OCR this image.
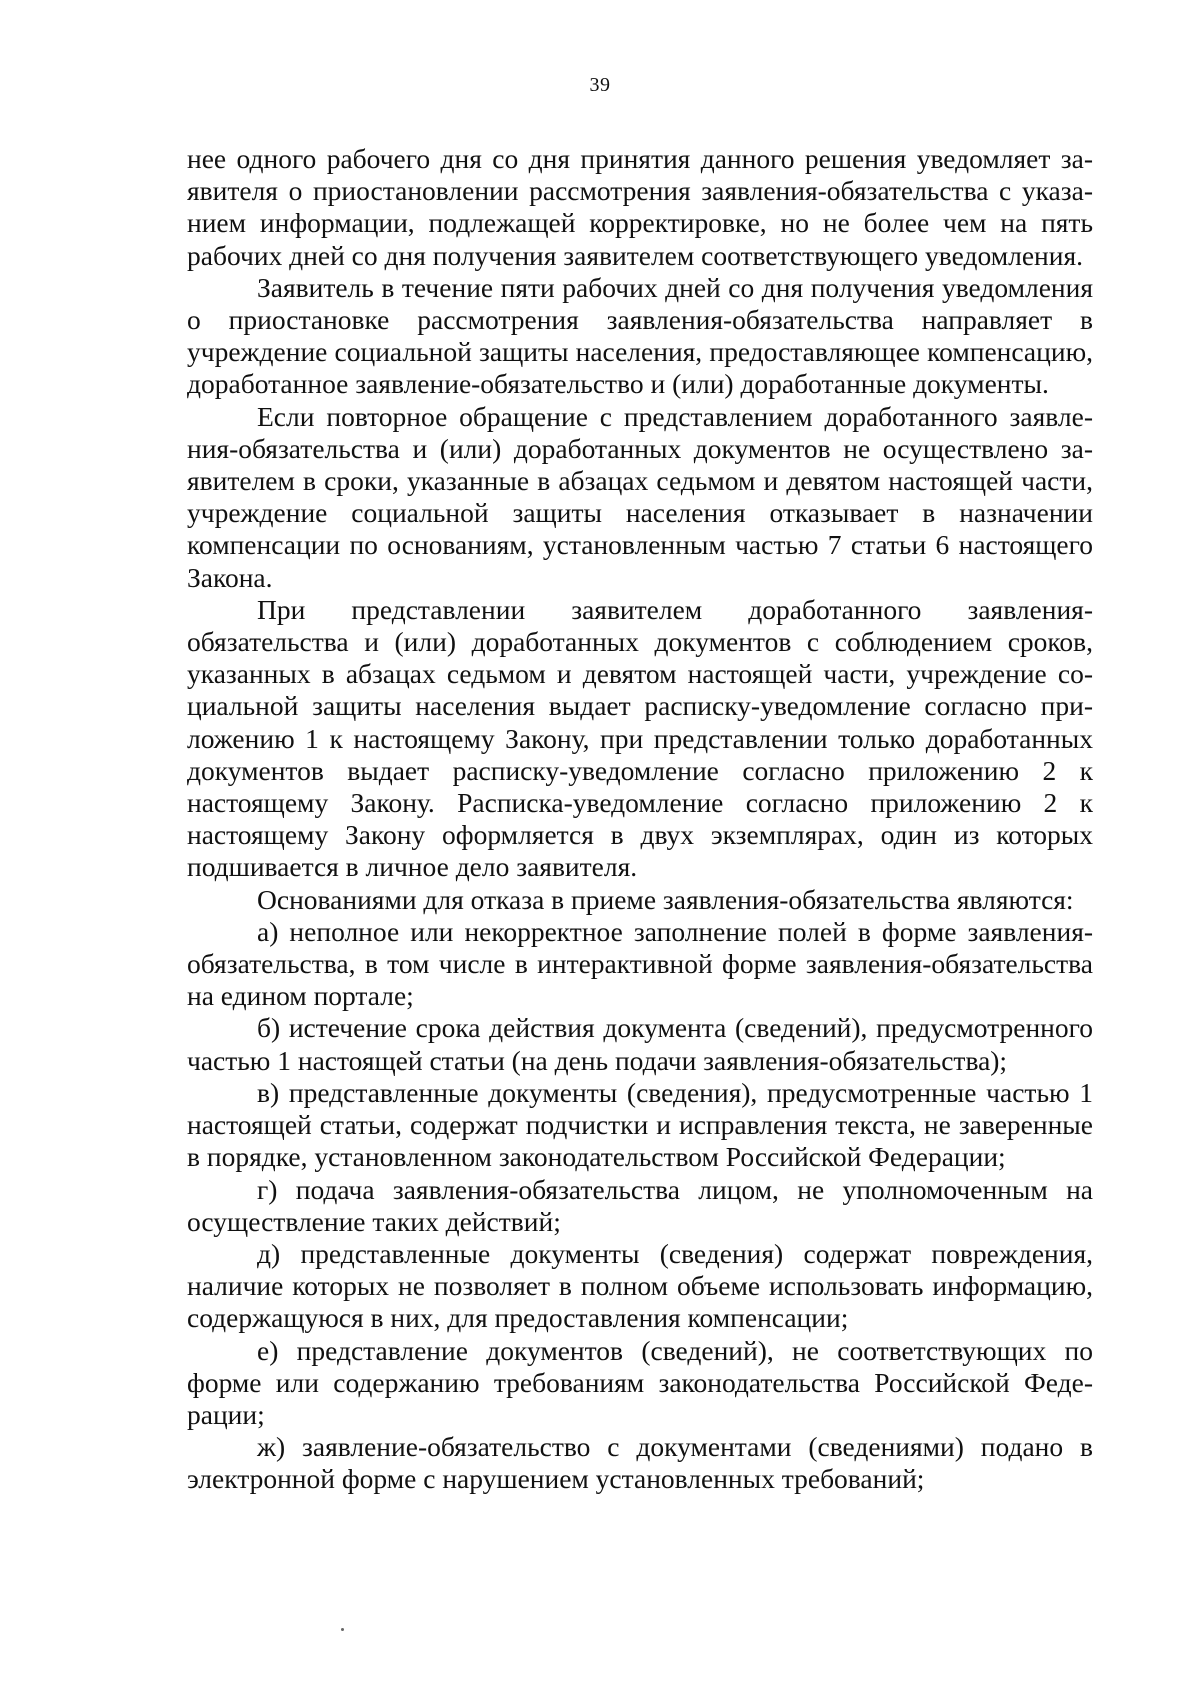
39

нее одного рабочего дня со дня принятия данного решения уведомляет заявителя о приостановлении рассмотрения заявления-обязательства с указанием информации, подлежащей корректировке, но не более чем на пять рабочих дней со дня получения заявителем соответствующего уведомления.

Заявитель в течение пяти рабочих дней со дня получения уведомления о приостановке рассмотрения заявления-обязательства направляет в учреждение социальной защиты населения, предоставляющее компенсацию, доработанное заявление-обязательство и (или) доработанные документы.

Если повторное обращение с представлением доработанного заявления-обязательства и (или) доработанных документов не осуществлено заявителем в сроки, указанные в абзацах седьмом и девятом настоящей части, учреждение социальной защиты населения отказывает в назначении компенсации по основаниям, установленным частью 7 статьи 6 настоящего Закона.

При представлении заявителем доработанного заявления-обязательства и (или) доработанных документов с соблюдением сроков, указанных в абзацах седьмом и девятом настоящей части, учреждение социальной защиты населения выдает расписку-уведомление согласно приложению 1 к настоящему Закону, при представлении только доработанных документов выдает расписку-уведомление согласно приложению 2 к настоящему Закону. Расписка-уведомление согласно приложению 2 к настоящему Закону оформляется в двух экземплярах, один из которых подшивается в личное дело заявителя.

Основаниями для отказа в приеме заявления-обязательства являются:

а) неполное или некорректное заполнение полей в форме заявления-обязательства, в том числе в интерактивной форме заявления-обязательства на едином портале;

б) истечение срока действия документа (сведений), предусмотренного частью 1 настоящей статьи (на день подачи заявления-обязательства);

в) представленные документы (сведения), предусмотренные частью 1 настоящей статьи, содержат подчистки и исправления текста, не заверенные в порядке, установленном законодательством Российской Федерации;

г) подача заявления-обязательства лицом, не уполномоченным на осуществление таких действий;

д) представленные документы (сведения) содержат повреждения, наличие которых не позволяет в полном объеме использовать информацию, содержащуюся в них, для предоставления компенсации;

е) представление документов (сведений), не соответствующих по форме или содержанию требованиям законодательства Российской Федерации;

ж) заявление-обязательство с документами (сведениями) подано в электронной форме с нарушением установленных требований;
